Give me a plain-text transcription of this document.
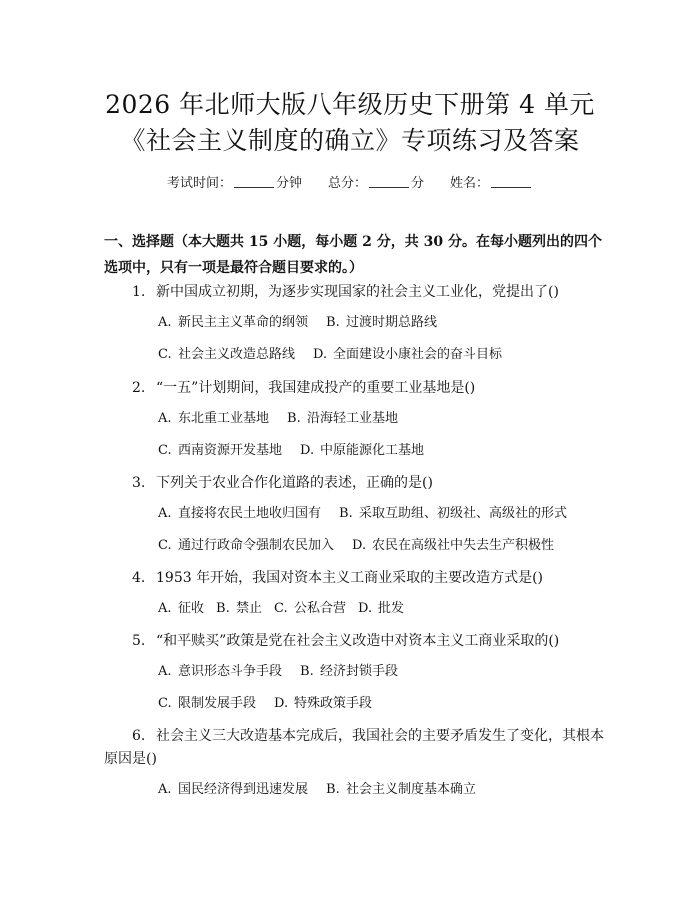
2026 年北师大版八年级历史下册第 4 单元
《社会主义制度的确立》专项练习及答案
考试时间：	分钟 总分：	分 姓名：
一、选择题（本大题共 15 小题，每小题 2 分，共 30 分。在每小题列出的四个选项中，只有一项是最符合题目要求的。）
1. 新中国成立初期，为逐步实现国家的社会主义工业化，党提出了()
A. 新民主主义革命的纲领 B. 过渡时期总路线
C. 社会主义改造总路线 D. 全面建设小康社会的奋斗目标
2. “一五”计划期间，我国建成投产的重要工业基地是()
A. 东北重工业基地 B. 沿海轻工业基地
C. 西南资源开发基地 D. 中原能源化工基地
3. 下列关于农业合作化道路的表述，正确的是()
A. 直接将农民土地收归国有 B. 采取互助组、初级社、高级社的形式
C. 通过行政命令强制农民加入 D. 农民在高级社中失去生产积极性
4. 1953 年开始，我国对资本主义工商业采取的主要改造方式是()
A. 征收 B. 禁止 C. 公私合营 D. 批发
5. “和平赎买”政策是党在社会主义改造中对资本主义工商业采取的()
A. 意识形态斗争手段 B. 经济封锁手段
C. 限制发展手段 D. 特殊政策手段
6. 社会主义三大改造基本完成后，我国社会的主要矛盾发生了变化，其根本
原因是()
A. 国民经济得到迅速发展 B. 社会主义制度基本确立
